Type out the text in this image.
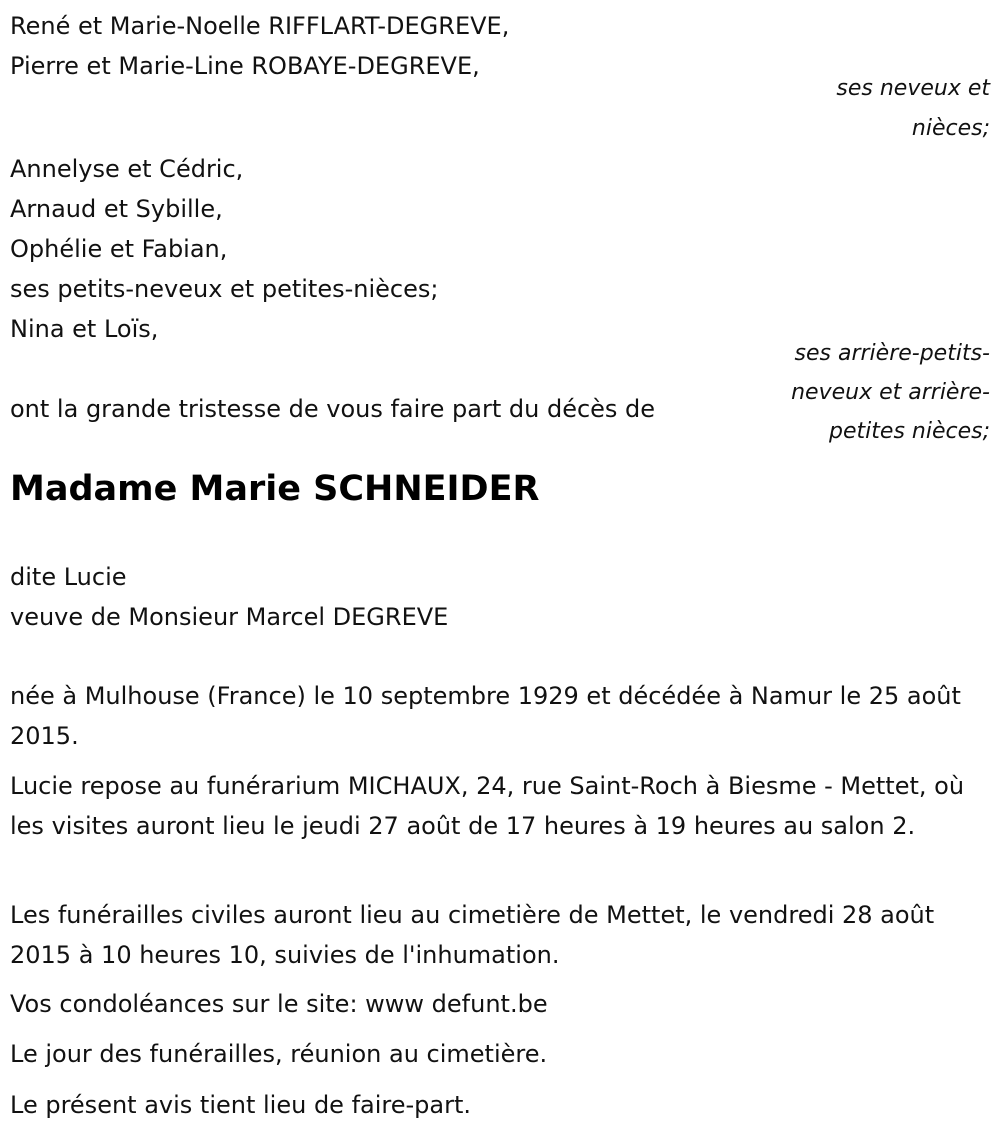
René et Marie-Noelle RIFFLART-DEGREVE,
Pierre et Marie-Line ROBAYE-DEGREVE,
ses neveux et
nièces;
Annelyse et Cédric,
Arnaud et Sybille,
Ophélie et Fabian,
ses petits-neveux et petites-nièces;
Nina et Loïs,
ses arrière-petits-
neveux et arrière-
petites nièces;
ont la grande tristesse de vous faire part du décès de
Madame Marie SCHNEIDER
dite Lucie
veuve de Monsieur Marcel DEGREVE
née à Mulhouse (France) le 10 septembre 1929 et décédée à Namur le 25 août 2015.
Lucie repose au funérarium MICHAUX, 24, rue Saint-Roch à Biesme - Mettet, où les visites auront lieu le jeudi 27 août de 17 heures à 19 heures au salon 2.
Les funérailles civiles auront lieu au cimetière de Mettet, le vendredi 28 août 2015 à 10 heures 10, suivies de l'inhumation.
Vos condoléances sur le site: www defunt.be
Le jour des funérailles, réunion au cimetière.
Le présent avis tient lieu de faire-part.
